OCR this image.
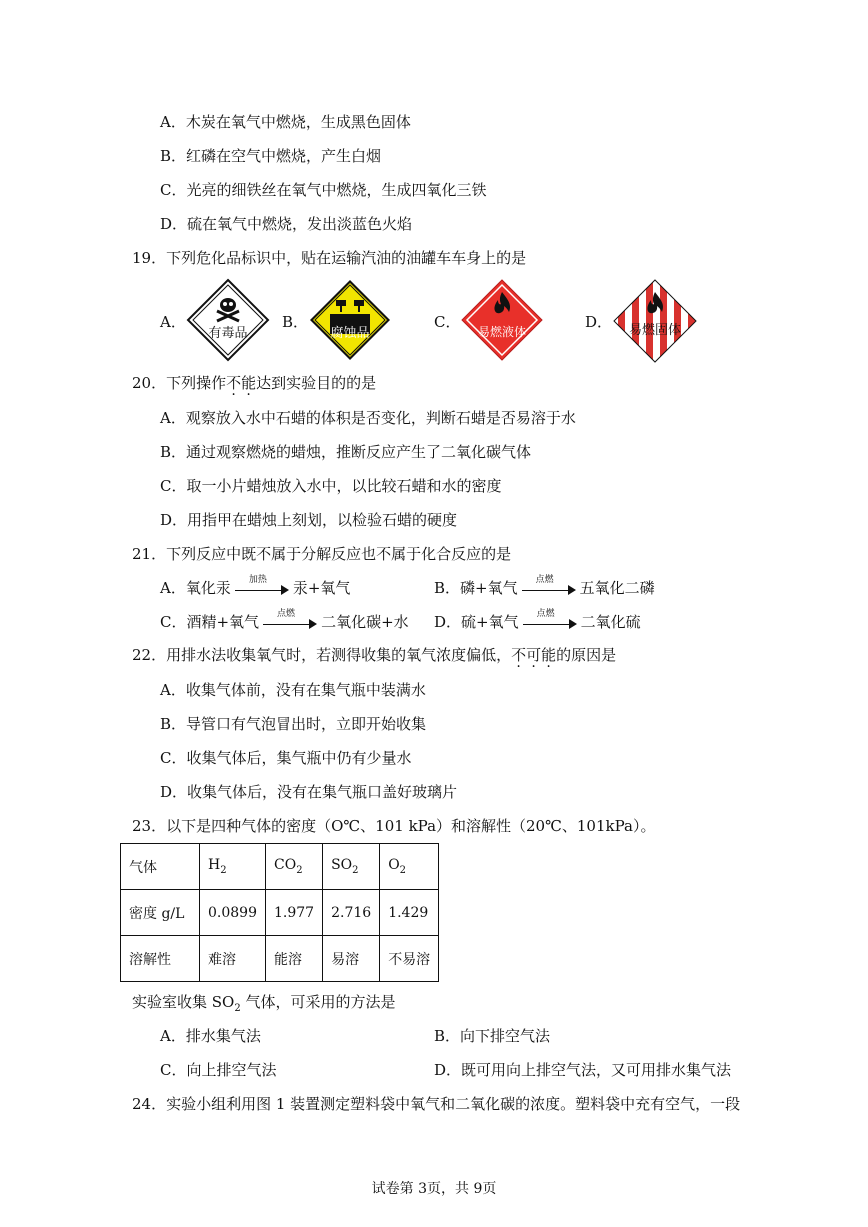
A．木炭在氧气中燃烧，生成黑色固体
B．红磷在空气中燃烧，产生白烟
C．光亮的细铁丝在氧气中燃烧，生成四氧化三铁
D．硫在氧气中燃烧，发出淡蓝色火焰
19．下列危化品标识中，贴在运输汽油的油罐车车身上的是
A．
有毒品
B．
腐蚀品
C．
易燃液体
D．	易燃固体
20．下列操作不能达到实验目的的是
A．观察放入水中石蜡的体积是否变化，判断石蜡是否易溶于水
B．通过观察燃烧的蜡烛，推断反应产生了二氧化碳气体
C．取一小片蜡烛放入水中，以比较石蜡和水的密度
D．用指甲在蜡烛上刻划，以检验石蜡的硬度
21．下列反应中既不属于分解反应也不属于化合反应的是
A．氧化汞	加热	汞+氧气	B．磷+氧气	点燃	五氧化二磷
C．酒精+氧气	点燃	二氧化碳+水 D．硫+氧气	点燃	二氧化硫
22．用排水法收集氧气时，若测得收集的氧气浓度偏低，不可能的原因是
A．收集气体前，没有在集气瓶中装满水
B．导管口有气泡冒出时，立即开始收集
C．收集气体后，集气瓶中仍有少量水
D．收集气体后，没有在集气瓶口盖好玻璃片
23．以下是四种气体的密度（O℃、101 kPa）和溶解性（20℃、101kPa）。
气体	$H_2$	$CO_2$	$SO_2$	$O_2$
密度 g/L	0.0899	1.977	2.716	1.429
溶解性	难溶	能溶	易溶	不易溶
实验室收集 $SO_2$ 气体，可采用的方法是
A．排水集气法	B．向下排空气法
C．向上排空气法	D．既可用向上排空气法，又可用排水集气法
24．实验小组利用图 1 装置测定塑料袋中氧气和二氧化碳的浓度。塑料袋中充有空气，一段
试卷第 3页，共 9页
